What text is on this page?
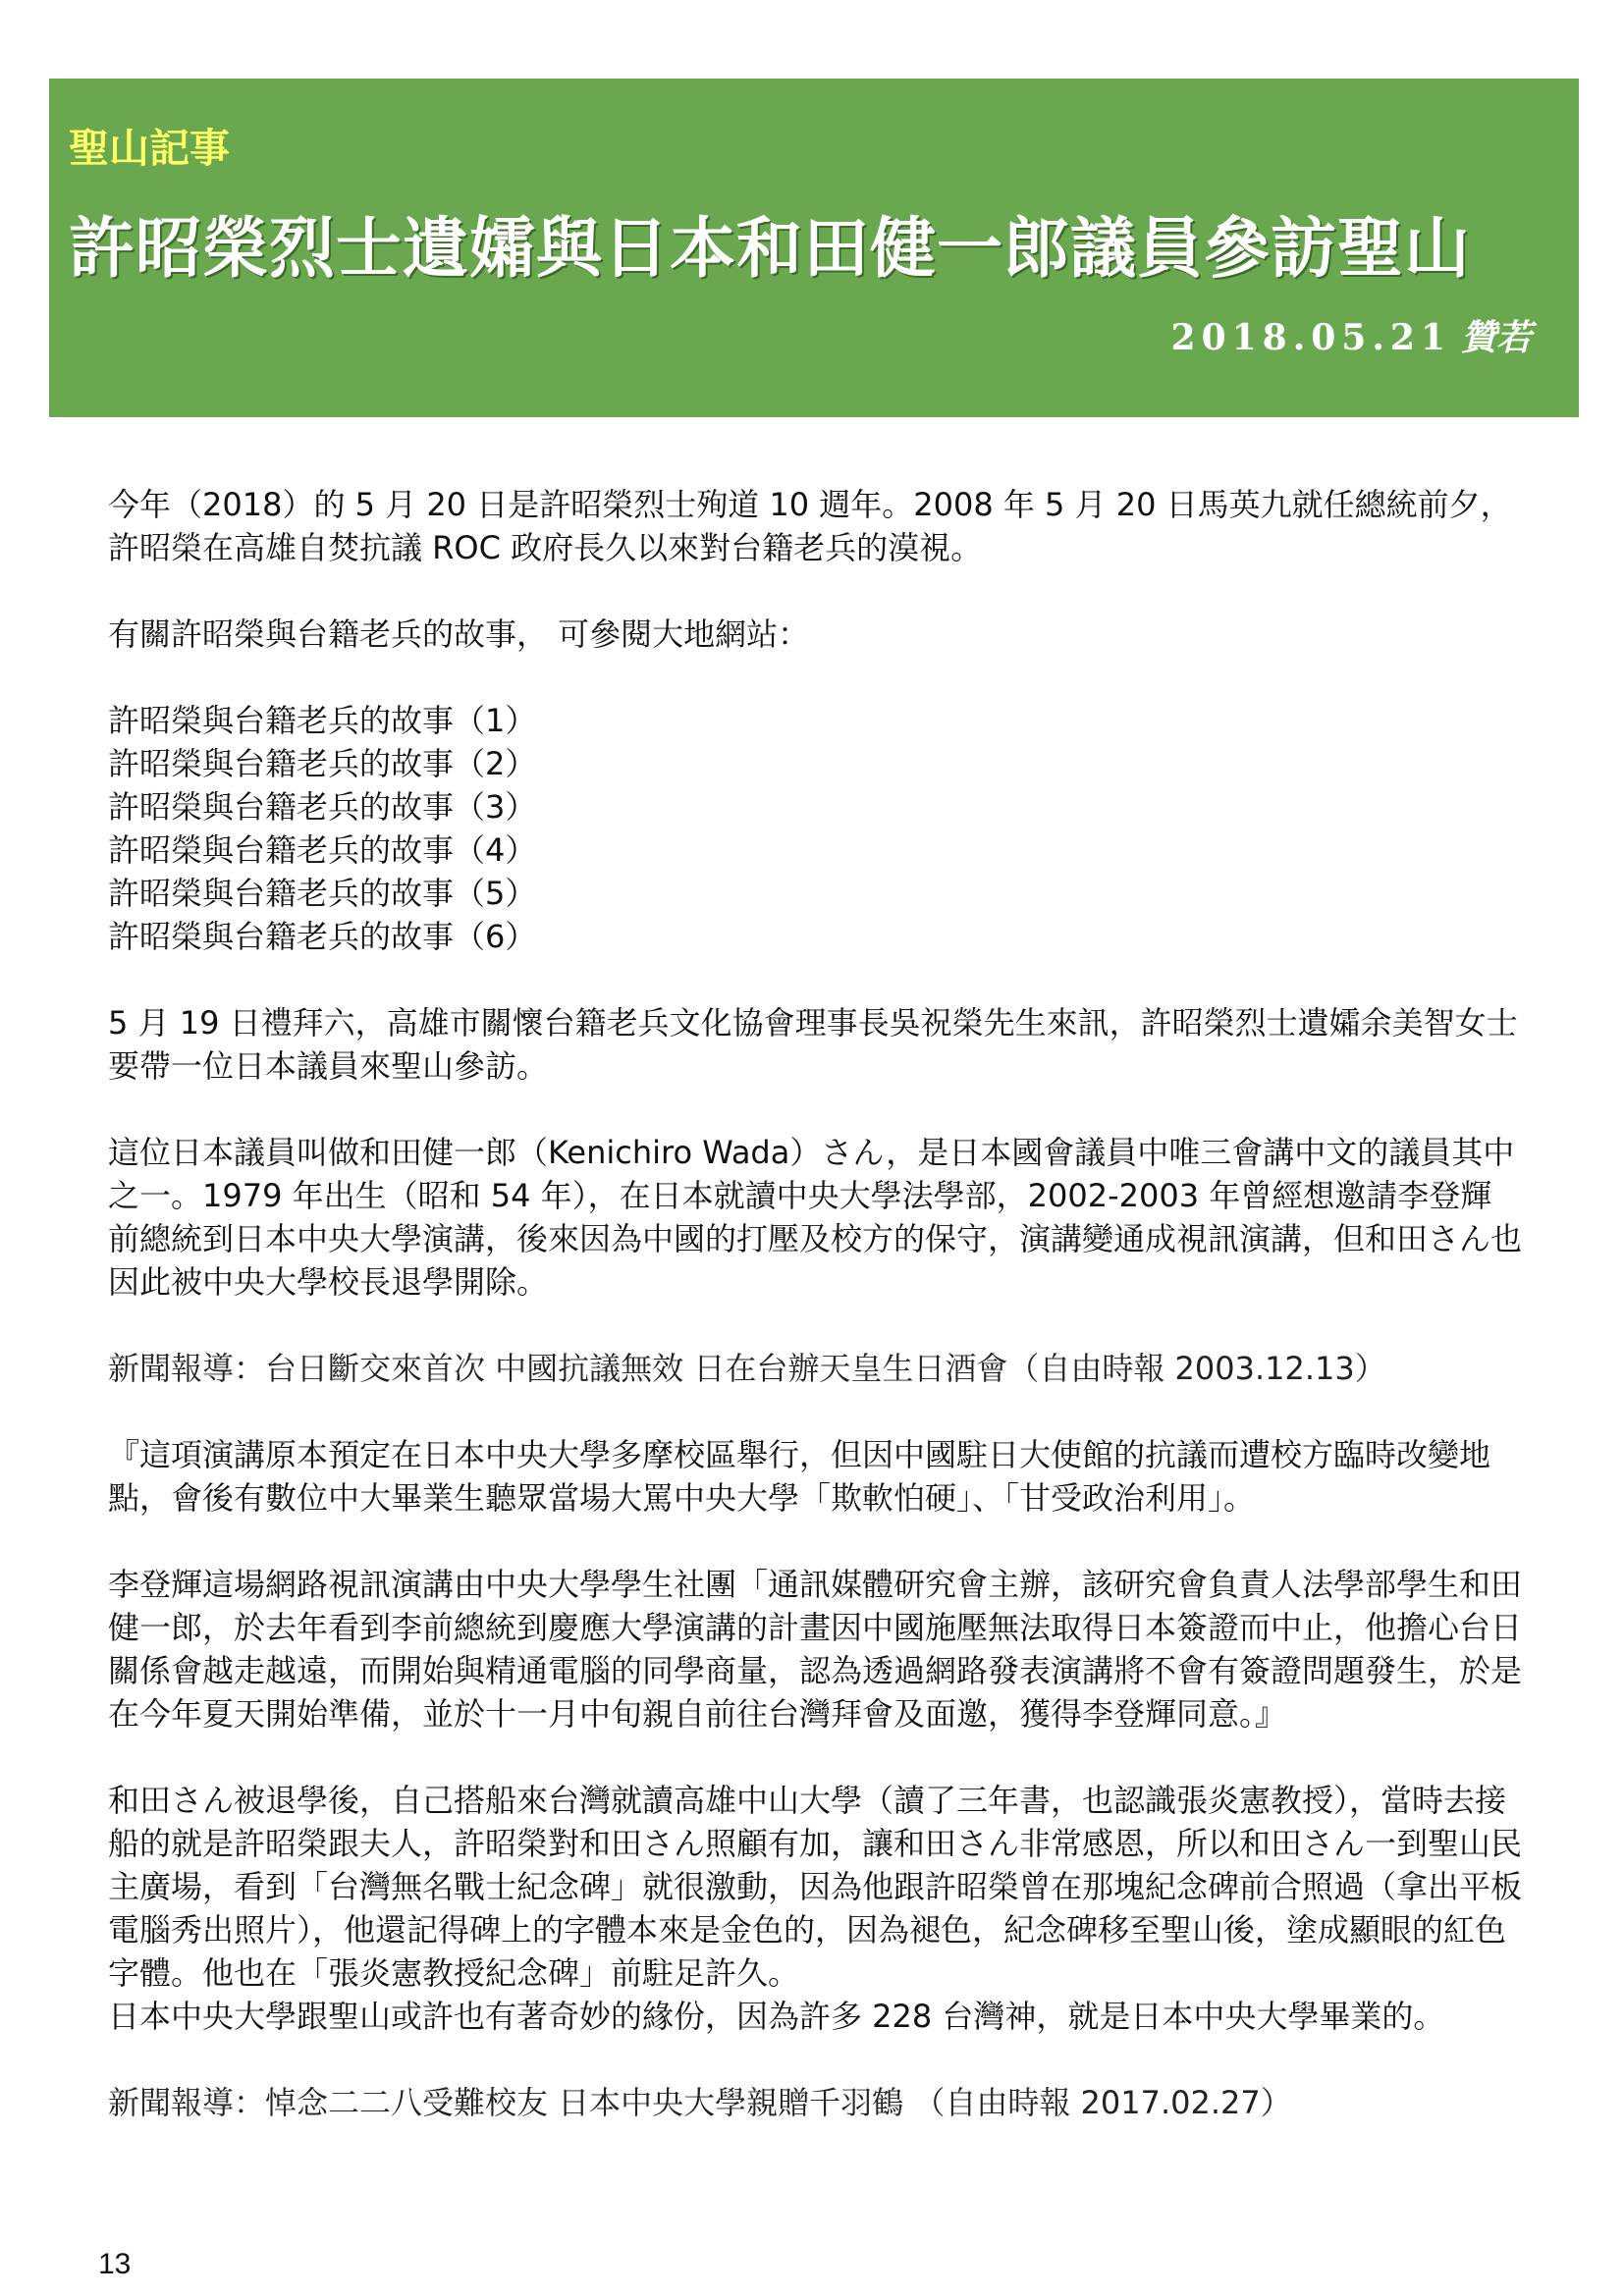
聖山記事
許昭榮烈士遺孀與日本和田健一郎議員參訪聖山
2018.05.21 贊若

今年（2018）的 5 月 20 日是許昭榮烈士殉道 10 週年。2008 年 5 月 20 日馬英九就任總統前夕，許昭榮在高雄自焚抗議 ROC 政府長久以來對台籍老兵的漠視。

有關許昭榮與台籍老兵的故事， 可參閱大地網站：

許昭榮與台籍老兵的故事（1）
許昭榮與台籍老兵的故事（2）
許昭榮與台籍老兵的故事（3）
許昭榮與台籍老兵的故事（4）
許昭榮與台籍老兵的故事（5）
許昭榮與台籍老兵的故事（6）

5 月 19 日禮拜六，高雄市關懷台籍老兵文化協會理事長吳祝榮先生來訊，許昭榮烈士遺孀余美智女士要帶一位日本議員來聖山參訪。

這位日本議員叫做和田健一郎（Kenichiro Wada）さん，是日本國會議員中唯三會講中文的議員其中之一。1979 年出生（昭和 54 年），在日本就讀中央大學法學部，2002-2003 年曾經想邀請李登輝前總統到日本中央大學演講，後來因為中國的打壓及校方的保守，演講變通成視訊演講，但和田さん也因此被中央大學校長退學開除。

新聞報導：台日斷交來首次 中國抗議無效 日在台辦天皇生日酒會（自由時報 2003.12.13）

『這項演講原本預定在日本中央大學多摩校區舉行，但因中國駐日大使館的抗議而遭校方臨時改變地點，會後有數位中大畢業生聽眾當場大罵中央大學「欺軟怕硬」、「甘受政治利用」。

李登輝這場網路視訊演講由中央大學學生社團「通訊媒體研究會主辦，該研究會負責人法學部學生和田健一郎，於去年看到李前總統到慶應大學演講的計畫因中國施壓無法取得日本簽證而中止，他擔心台日關係會越走越遠，而開始與精通電腦的同學商量，認為透過網路發表演講將不會有簽證問題發生，於是在今年夏天開始準備，並於十一月中旬親自前往台灣拜會及面邀，獲得李登輝同意。』

和田さん被退學後，自己搭船來台灣就讀高雄中山大學（讀了三年書，也認識張炎憲教授），當時去接船的就是許昭榮跟夫人，許昭榮對和田さん照顧有加，讓和田さん非常感恩，所以和田さん一到聖山民主廣場，看到「台灣無名戰士紀念碑」就很激動，因為他跟許昭榮曾在那塊紀念碑前合照過（拿出平板電腦秀出照片），他還記得碑上的字體本來是金色的，因為褪色，紀念碑移至聖山後，塗成顯眼的紅色字體。他也在「張炎憲教授紀念碑」前駐足許久。

日本中央大學跟聖山或許也有著奇妙的緣份，因為許多 228 台灣神，就是日本中央大學畢業的。

新聞報導：悼念二二八受難校友 日本中央大學親贈千羽鶴 （自由時報 2017.02.27）

13
